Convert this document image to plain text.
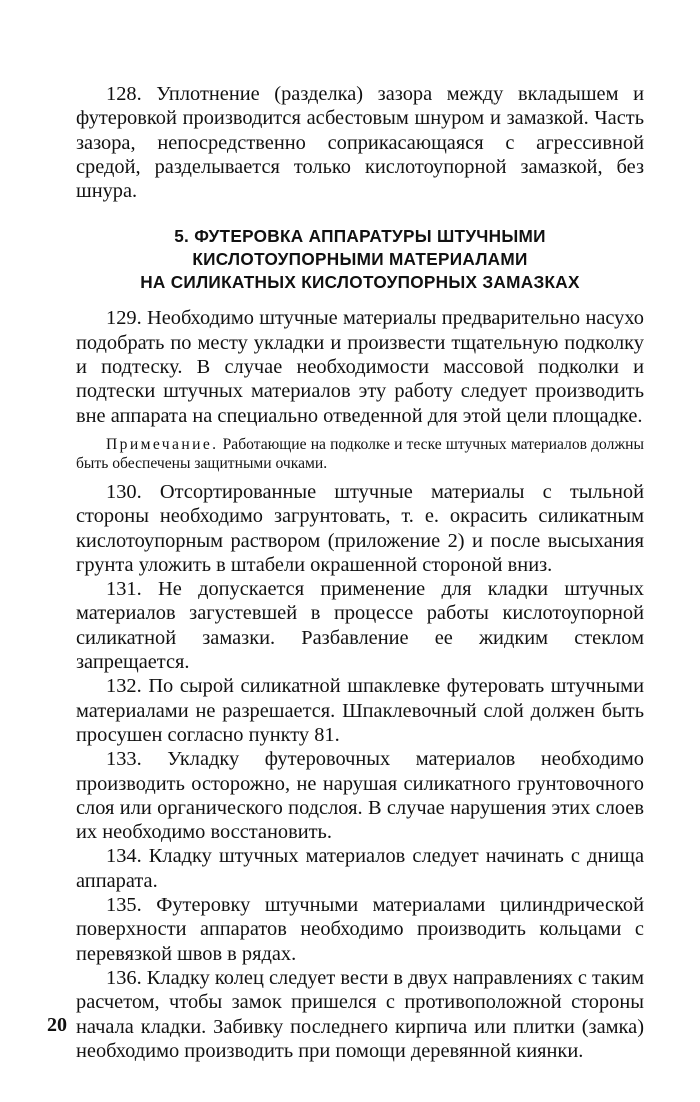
128. Уплотнение (разделка) зазора между вкладышем и футеровкой производится асбестовым шнуром и замазкой. Часть зазора, непосредственно соприкасающаяся с агрессивной средой, разделывается только кислотоупорной замазкой, без шнура.

5. ФУТЕРОВКА АППАРАТУРЫ ШТУЧНЫМИ
КИСЛОТОУПОРНЫМИ МАТЕРИАЛАМИ
НА СИЛИКАТНЫХ КИСЛОТОУПОРНЫХ ЗАМАЗКАХ

129. Необходимо штучные материалы предварительно насухо подобрать по месту укладки и произвести тщательную подколку и подтеску. В случае необходимости массовой подколки и подтески штучных материалов эту работу следует производить вне аппарата на специально отведенной для этой цели площадке.

Примечание. Работающие на подколке и теске штучных материалов должны быть обеспечены защитными очками.

130. Отсортированные штучные материалы с тыльной стороны необходимо загрунтовать, т. е. окрасить силикатным кислотоупорным раствором (приложение 2) и после высыхания грунта уложить в штабели окрашенной стороной вниз.

131. Не допускается применение для кладки штучных материалов загустевшей в процессе работы кислотоупорной силикатной замазки. Разбавление ее жидким стеклом запрещается.

132. По сырой силикатной шпаклевке футеровать штучными материалами не разрешается. Шпаклевочный слой должен быть просушен согласно пункту 81.

133. Укладку футеровочных материалов необходимо производить осторожно, не нарушая силикатного грунтовочного слоя или органического подслоя. В случае нарушения этих слоев их необходимо восстановить.

134. Кладку штучных материалов следует начинать с днища аппарата.

135. Футеровку штучными материалами цилиндрической поверхности аппаратов необходимо производить кольцами с перевязкой швов в рядах.

136. Кладку колец следует вести в двух направлениях с таким расчетом, чтобы замок пришелся с противоположной стороны начала кладки. Забивку последнего кирпича или плитки (замка) необходимо производить при помощи деревянной киянки.

20
